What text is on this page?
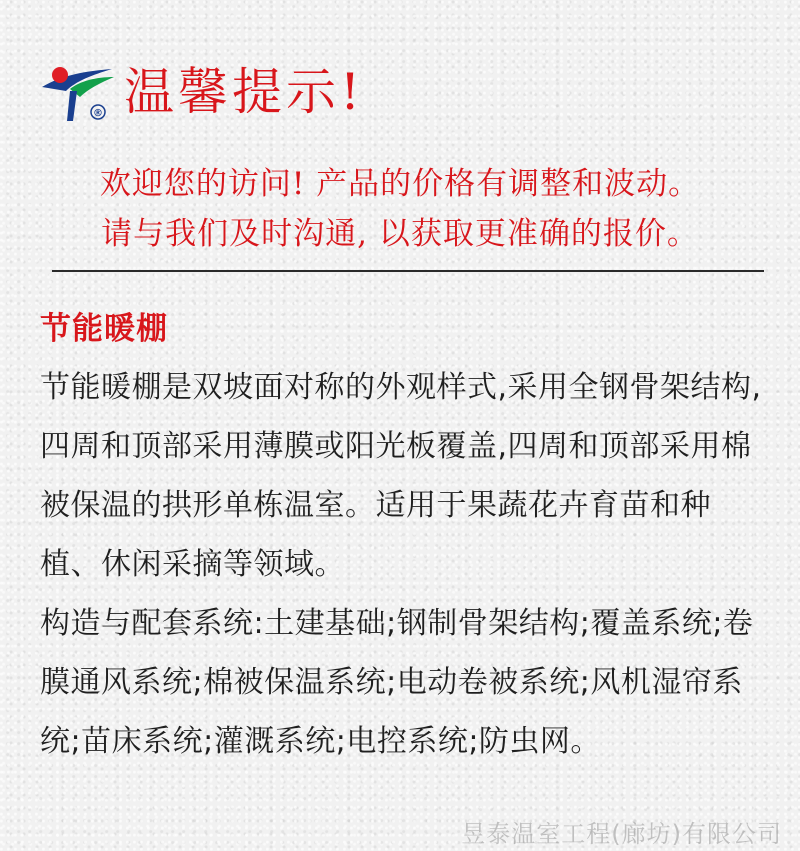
® 温馨提示!
欢迎您的访问! 产品的价格有调整和波动。
请与我们及时沟通, 以获取更准确的报价。
节能暖棚
节能暖棚是双坡面对称的外观样式,采用全钢骨架结构,四周和顶部采用薄膜或阳光板覆盖,四周和顶部采用棉被保温的拱形单栋温室。适用于果蔬花卉育苗和种植、休闲采摘等领域。
构造与配套系统:土建基础;钢制骨架结构;覆盖系统;卷膜通风系统;棉被保温系统;电动卷被系统;风机湿帘系统;苗床系统;灌溉系统;电控系统;防虫网。
昱泰温室工程(廊坊)有限公司
